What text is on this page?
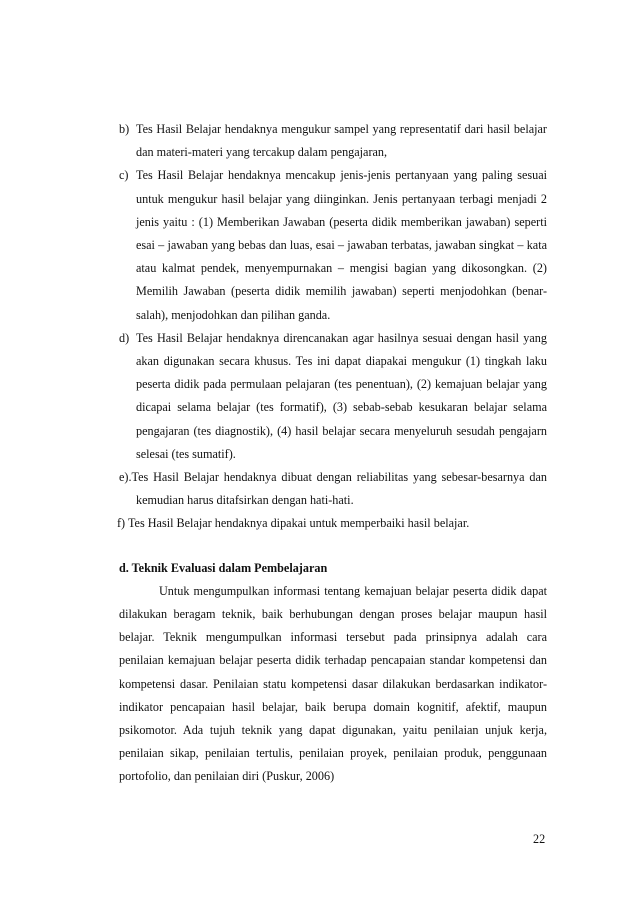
b) Tes Hasil Belajar hendaknya mengukur sampel yang representatif dari hasil belajar dan materi-materi yang tercakup dalam pengajaran,
c) Tes Hasil Belajar hendaknya mencakup jenis-jenis pertanyaan yang paling sesuai untuk mengukur hasil belajar yang diinginkan. Jenis pertanyaan terbagi menjadi 2 jenis yaitu : (1) Memberikan Jawaban (peserta didik memberikan jawaban) seperti esai – jawaban yang bebas dan luas, esai – jawaban terbatas, jawaban singkat – kata atau kalmat pendek, menyempurnakan – mengisi bagian yang dikosongkan. (2) Memilih Jawaban (peserta didik memilih jawaban) seperti menjodohkan (benar-salah), menjodohkan dan pilihan ganda.
d) Tes Hasil Belajar hendaknya direncanakan agar hasilnya sesuai dengan hasil yang akan digunakan secara khusus. Tes ini dapat diapakai mengukur (1) tingkah laku peserta didik pada permulaan pelajaran (tes penentuan), (2) kemajuan belajar yang dicapai selama belajar (tes formatif), (3) sebab-sebab kesukaran belajar selama pengajaran (tes diagnostik), (4) hasil belajar secara menyeluruh sesudah pengajarn selesai (tes sumatif).
e).Tes Hasil Belajar hendaknya dibuat dengan reliabilitas yang sebesar-besarnya dan kemudian harus ditafsirkan dengan hati-hati.
f) Tes Hasil Belajar hendaknya dipakai untuk memperbaiki hasil belajar.
d. Teknik Evaluasi dalam Pembelajaran
Untuk mengumpulkan informasi tentang kemajuan belajar peserta didik dapat dilakukan beragam teknik, baik berhubungan dengan proses belajar maupun hasil belajar. Teknik mengumpulkan informasi tersebut pada prinsipnya adalah cara penilaian kemajuan belajar peserta didik terhadap pencapaian standar kompetensi dan kompetensi dasar. Penilaian statu kompetensi dasar dilakukan berdasarkan indikator-indikator pencapaian hasil belajar, baik berupa domain kognitif, afektif, maupun psikomotor. Ada tujuh teknik yang dapat digunakan, yaitu penilaian unjuk kerja, penilaian sikap, penilaian tertulis, penilaian proyek, penilaian produk, penggunaan portofolio, dan penilaian diri (Puskur, 2006)
22
